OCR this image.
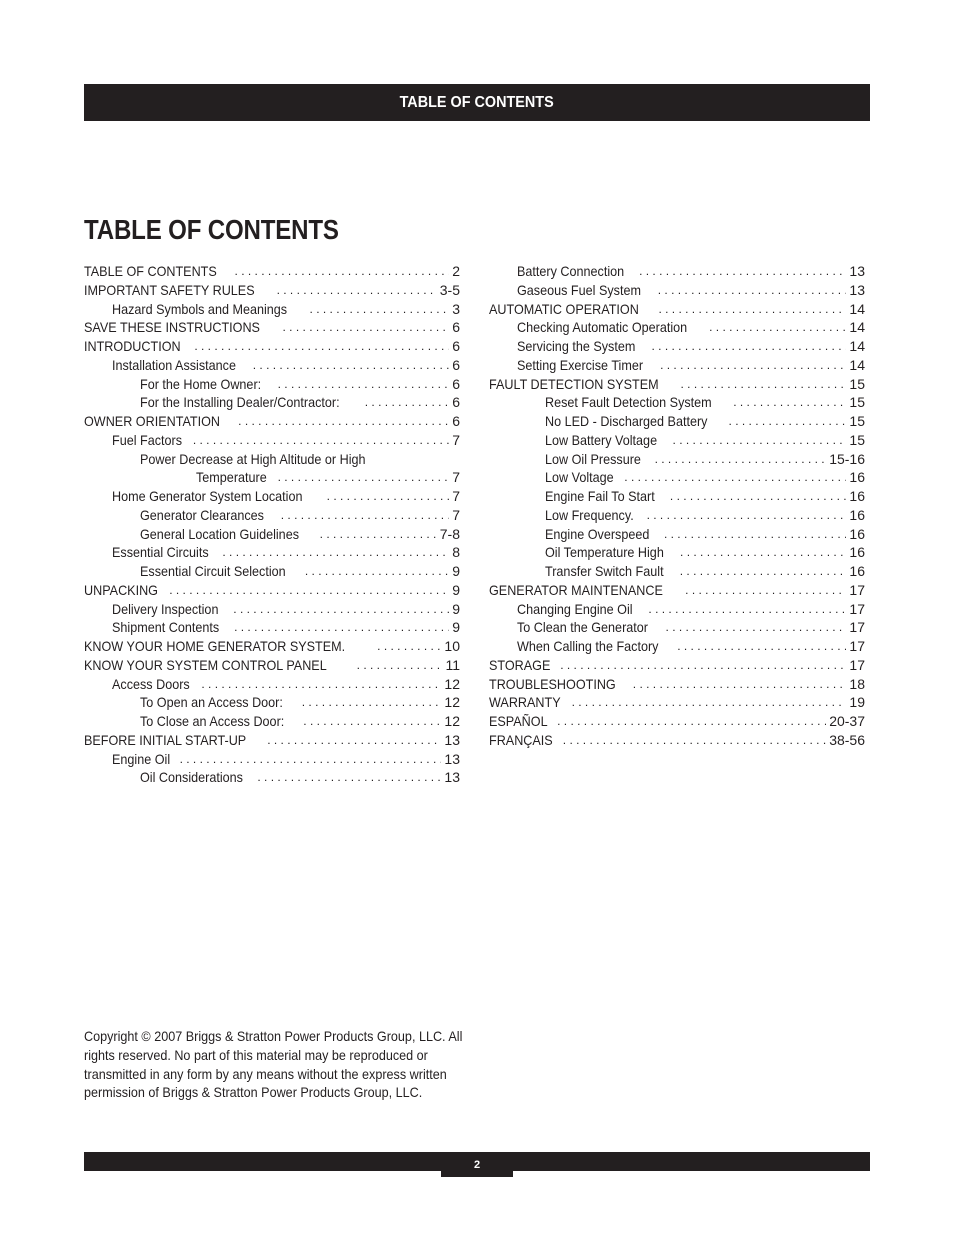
TABLE OF CONTENTS
TABLE OF CONTENTS
TABLE OF CONTENTS . . .	2
IMPORTANT SAFETY RULES . . .	3-5
Hazard Symbols and Meanings . . .	3
SAVE THESE INSTRUCTIONS . . .	6
INTRODUCTION . . .	6
Installation Assistance . . .	6
For the Home Owner: . . .	6
For the Installing Dealer/Contractor: . . .	6
OWNER ORIENTATION . . .	6
Fuel Factors . . .	7
Power Decrease at High Altitude or High
Temperature . . .	7
Home Generator System Location . . .	7
Generator Clearances . . .	7
General Location Guidelines . . .	7-8
Essential Circuits . . .	8
Essential Circuit Selection . . .	9
UNPACKING . . .	9
Delivery Inspection . . .	9
Shipment Contents . . .	9
KNOW YOUR HOME GENERATOR SYSTEM. . . .	10
KNOW YOUR SYSTEM CONTROL PANEL . . .	11
Access Doors . . .	12
To Open an Access Door: . . .	12
To Close an Access Door: . . .	12
BEFORE INITIAL START-UP . . .	13
Engine Oil . . .	13
Oil Considerations . . .	13
Battery Connection . . .	13
Gaseous Fuel System . . .	13
AUTOMATIC OPERATION . . .	14
Checking Automatic Operation . . .	14
Servicing the System . . .	14
Setting Exercise Timer . . .	14
FAULT DETECTION SYSTEM . . .	15
Reset Fault Detection System . . .	15
No LED - Discharged Battery . . .	15
Low Battery Voltage . . .	15
Low Oil Pressure . . .	15-16
Low Voltage . . .	16
Engine Fail To Start . . .	16
Low Frequency. . . .	16
Engine Overspeed . . .	16
Oil Temperature High . . .	16
Transfer Switch Fault . . .	16
GENERATOR MAINTENANCE . . .	17
Changing Engine Oil . . .	17
To Clean the Generator . . .	17
When Calling the Factory . . .	17
STORAGE . . .	17
TROUBLESHOOTING . . .	18
WARRANTY . . .	19
ESPAÑOL . . .	20-37
FRANÇAIS . . .	38-56
Copyright © 2007 Briggs & Stratton Power Products Group, LLC. All rights reserved. No part of this material may be reproduced or transmitted in any form by any means without the express written permission of Briggs & Stratton Power Products Group, LLC.
2
